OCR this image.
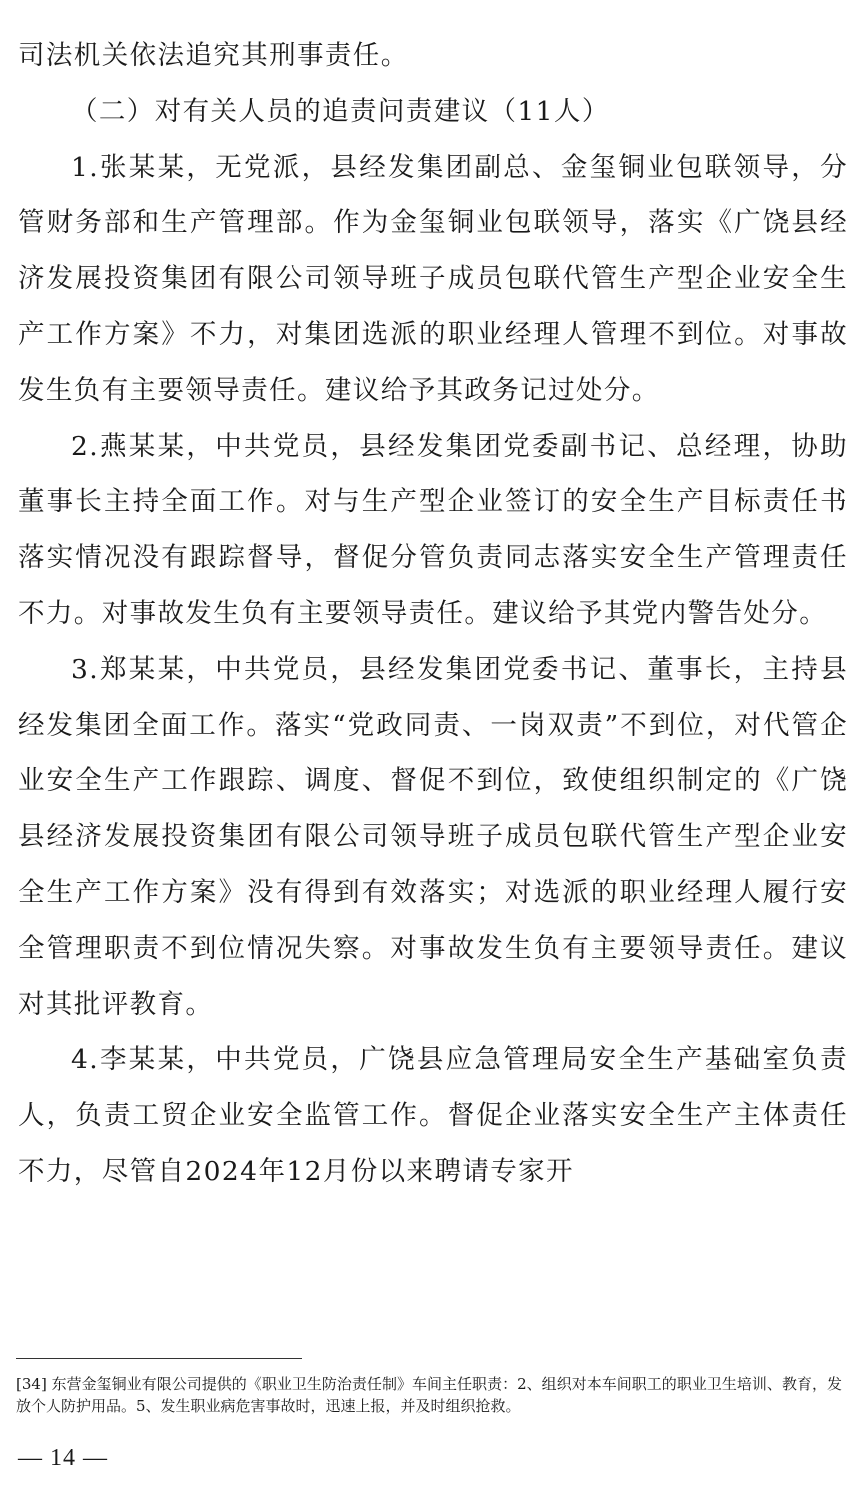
司法机关依法追究其刑事责任。

（二）对有关人员的追责问责建议（11人）

1.张某某，无党派，县经发集团副总、金玺铜业包联领导，分管财务部和生产管理部。作为金玺铜业包联领导，落实《广饶县经济发展投资集团有限公司领导班子成员包联代管生产型企业安全生产工作方案》不力，对集团选派的职业经理人管理不到位。对事故发生负有主要领导责任。建议给予其政务记过处分。

2.燕某某，中共党员，县经发集团党委副书记、总经理，协助董事长主持全面工作。对与生产型企业签订的安全生产目标责任书落实情况没有跟踪督导，督促分管负责同志落实安全生产管理责任不力。对事故发生负有主要领导责任。建议给予其党内警告处分。

3.郑某某，中共党员，县经发集团党委书记、董事长，主持县经发集团全面工作。落实“党政同责、一岗双责”不到位，对代管企业安全生产工作跟踪、调度、督促不到位，致使组织制定的《广饶县经济发展投资集团有限公司领导班子成员包联代管生产型企业安全生产工作方案》没有得到有效落实；对选派的职业经理人履行安全管理职责不到位情况失察。对事故发生负有主要领导责任。建议对其批评教育。

4.李某某，中共党员，广饶县应急管理局安全生产基础室负责人，负责工贸企业安全监管工作。督促企业落实安全生产主体责任不力，尽管自2024年12月份以来聘请专家开

[34] 东营金玺铜业有限公司提供的《职业卫生防治责任制》车间主任职责：2、组织对本车间职工的职业卫生培训、教育，发放个人防护用品。5、发生职业病危害事故时，迅速上报，并及时组织抢救。
— 14 —
